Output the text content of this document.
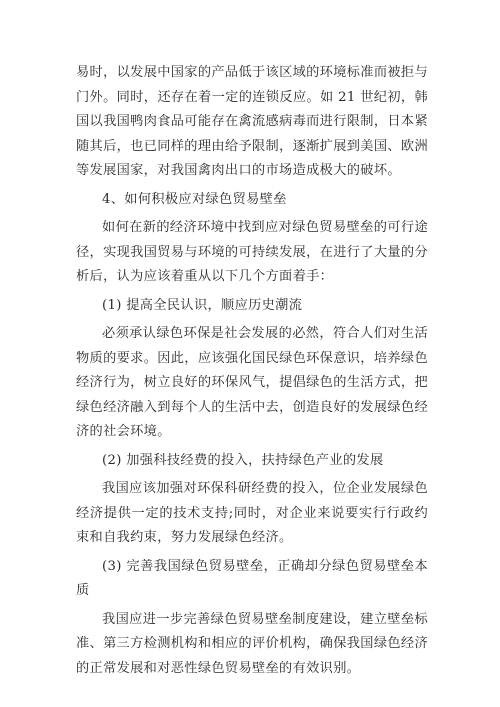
易时，以发展中国家的产品低于该区域的环境标准而被拒与门外。同时，还存在着一定的连锁反应。如 21 世纪初，韩国以我国鸭肉食品可能存在禽流感病毒而进行限制，日本紧随其后，也已同样的理由给予限制，逐渐扩展到美国、欧洲等发展国家，对我国禽肉出口的市场造成极大的破坏。

4、如何积极应对绿色贸易壁垒

如何在新的经济环境中找到应对绿色贸易壁垒的可行途径，实现我国贸易与环境的可持续发展，在进行了大量的分析后，认为应该着重从以下几个方面着手：

(1) 提高全民认识，顺应历史潮流

必须承认绿色环保是社会发展的必然，符合人们对生活物质的要求。因此，应该强化国民绿色环保意识，培养绿色经济行为，树立良好的环保风气，提倡绿色的生活方式，把绿色经济融入到每个人的生活中去，创造良好的发展绿色经济的社会环境。

(2) 加强科技经费的投入，扶持绿色产业的发展

我国应该加强对环保科研经费的投入，位企业发展绿色经济提供一定的技术支持;同时，对企业来说要实行行政约束和自我约束，努力发展绿色经济。

(3) 完善我国绿色贸易壁垒，正确却分绿色贸易壁垒本质

我国应进一步完善绿色贸易壁垒制度建设，建立壁垒标准、第三方检测机构和相应的评价机构，确保我国绿色经济的正常发展和对恶性绿色贸易壁垒的有效识别。
